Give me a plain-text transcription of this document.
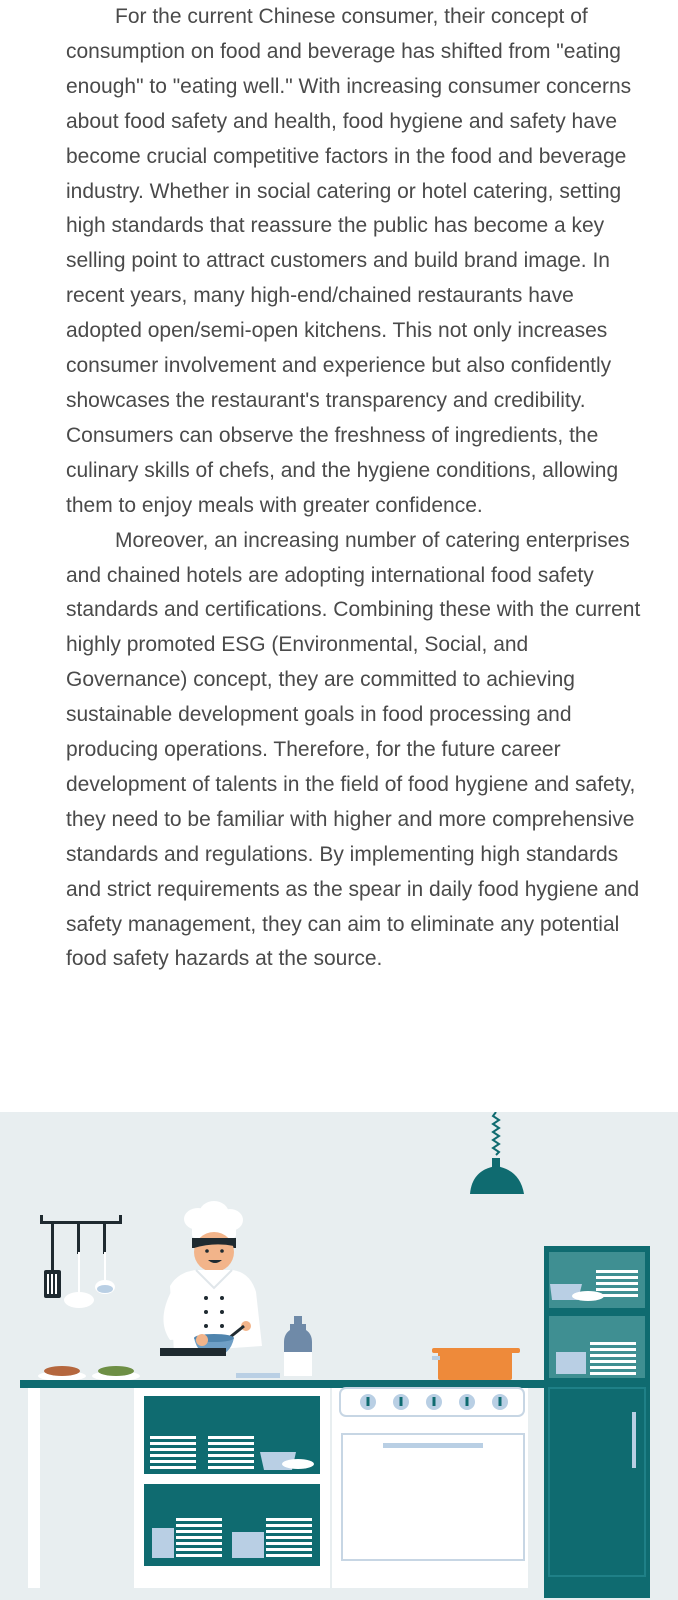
For the current Chinese consumer, their concept of consumption on food and beverage has shifted from "eating enough" to "eating well." With increasing consumer concerns about food safety and health, food hygiene and safety have become crucial competitive factors in the food and beverage industry. Whether in social catering or hotel catering, setting high standards that reassure the public has become a key selling point to attract customers and build brand image. In recent years, many high-end/chained restaurants have adopted open/semi-open kitchens. This not only increases consumer involvement and experience but also confidently showcases the restaurant's transparency and credibility. Consumers can observe the freshness of ingredients, the culinary skills of chefs, and the hygiene conditions, allowing them to enjoy meals with greater confidence.

Moreover, an increasing number of catering enterprises and chained hotels are adopting international food safety standards and certifications. Combining these with the current highly promoted ESG (Environmental, Social, and Governance) concept, they are committed to achieving sustainable development goals in food processing and producing operations. Therefore, for the future career development of talents in the field of food hygiene and safety, they need to be familiar with higher and more comprehensive standards and regulations. By implementing high standards and strict requirements as the spear in daily food hygiene and safety management, they can aim to eliminate any potential food safety hazards at the source.
